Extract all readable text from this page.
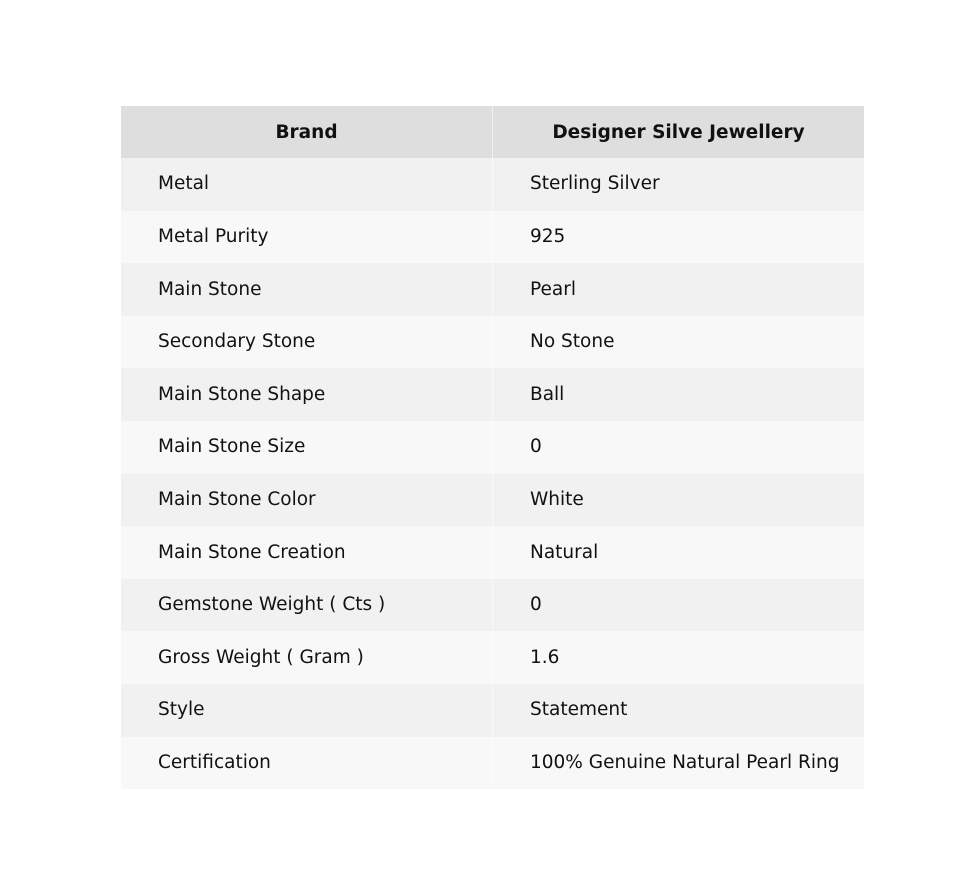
Brand	Designer Silve Jewellery
Metal	Sterling Silver
Metal Purity	925
Main Stone	Pearl
Secondary Stone	No Stone
Main Stone Shape	Ball
Main Stone Size	0
Main Stone Color	White
Main Stone Creation	Natural
Gemstone Weight ( Cts )	0
Gross Weight ( Gram )	1.6
Style	Statement
Certification	100% Genuine Natural Pearl Ring
